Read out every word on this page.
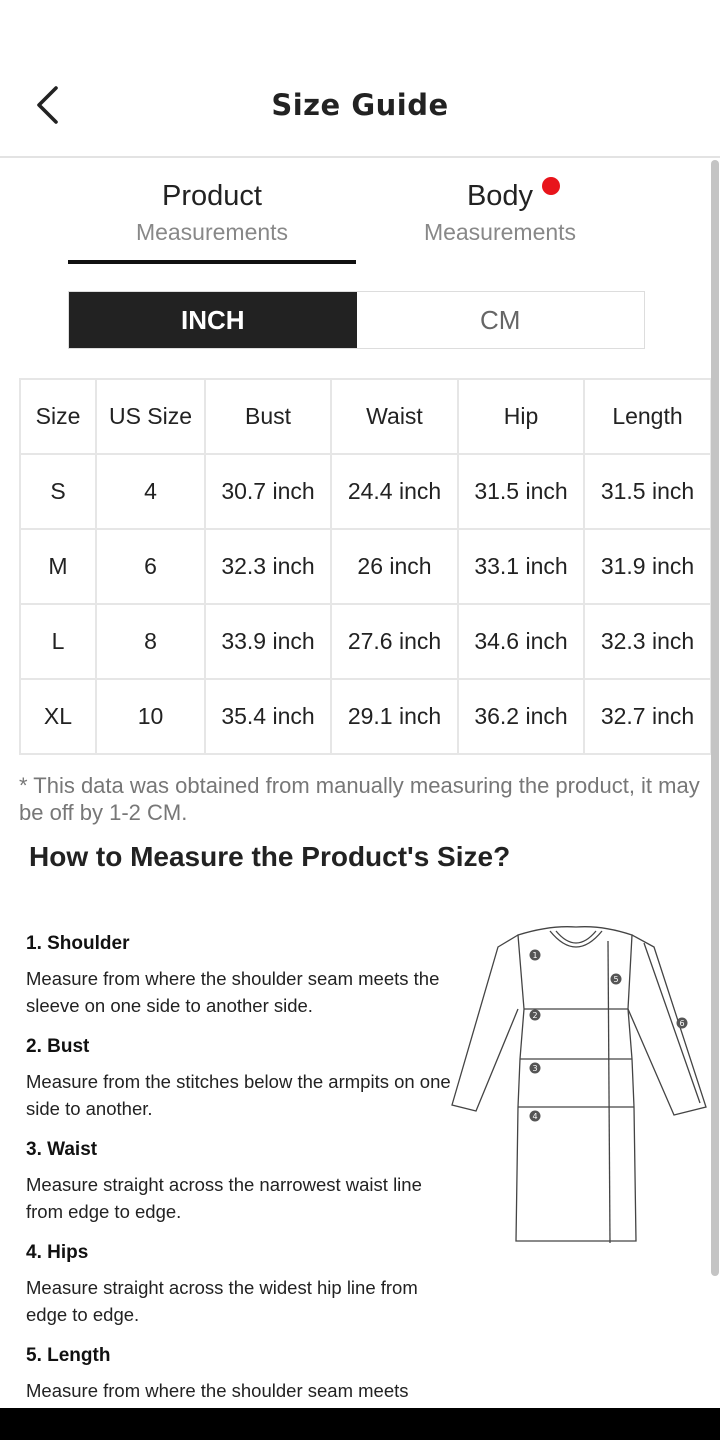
Size Guide
Product
Measurements
Body
Measurements
INCH	CM
Size	US Size	Bust	Waist	Hip	Length
S	4	30.7 inch	24.4 inch	31.5 inch	31.5 inch
M	6	32.3 inch	26 inch	33.1 inch	31.9 inch
L	8	33.9 inch	27.6 inch	34.6 inch	32.3 inch
XL	10	35.4 inch	29.1 inch	36.2 inch	32.7 inch
* This data was obtained from manually measuring the product, it may be off by 1-2 CM.
How to Measure the Product's Size?
1. Shoulder
Measure from where the shoulder seam meets the sleeve on one side to another side.
2. Bust
Measure from the stitches below the armpits on one side to another.
3. Waist
Measure straight across the narrowest waist line from edge to edge.
4. Hips
Measure straight across the widest hip line from edge to edge.
5. Length
Measure from where the shoulder seam meets
1
2
3
4
5
6
